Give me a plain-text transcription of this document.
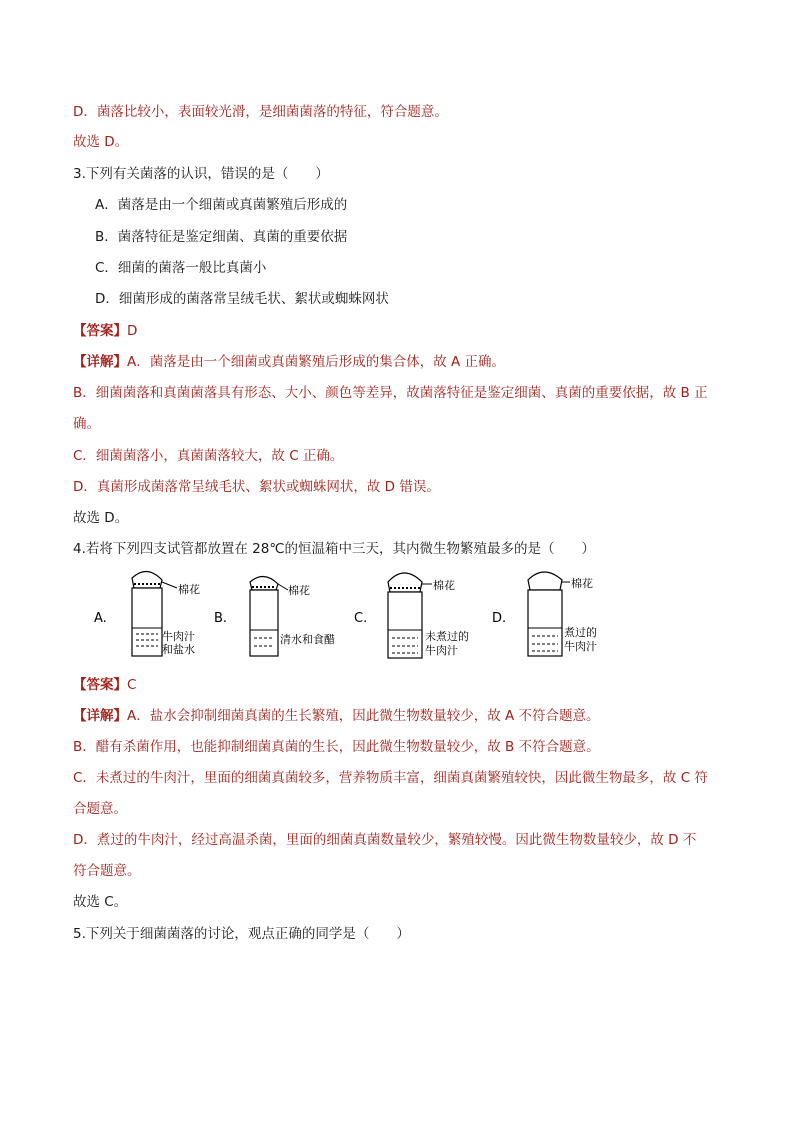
D．菌落比较小，表面较光滑，是细菌菌落的特征，符合题意。
故选 D。
3.下列有关菌落的认识，错误的是（　　）
A．菌落是由一个细菌或真菌繁殖后形成的
B．菌落特征是鉴定细菌、真菌的重要依据
C．细菌的菌落一般比真菌小
D．细菌形成的菌落常呈绒毛状、絮状或蜘蛛网状
【答案】D
【详解】A．菌落是由一个细菌或真菌繁殖后形成的集合体，故 A 正确。
B．细菌菌落和真菌菌落具有形态、大小、颜色等差异，故菌落特征是鉴定细菌、真菌的重要依据，故 B 正
确。
C．细菌菌落小，真菌菌落较大，故 C 正确。
D．真菌形成菌落常呈绒毛状、絮状或蜘蛛网状，故 D 错误。
故选 D。
4.若将下列四支试管都放置在 28℃的恒温箱中三天，其内微生物繁殖最多的是（　　）
A.
棉花
牛肉汁
和盐水
B.
棉花
清水和食醋
C.
棉花
未煮过的
牛肉汁
D.
棉花
煮过的
牛肉汁
【答案】C
【详解】A．盐水会抑制细菌真菌的生长繁殖，因此微生物数量较少，故 A 不符合题意。
B．醋有杀菌作用，也能抑制细菌真菌的生长，因此微生物数量较少，故 B 不符合题意。
C．未煮过的牛肉汁，里面的细菌真菌较多，营养物质丰富，细菌真菌繁殖较快，因此微生物最多，故 C 符
合题意。
D．煮过的牛肉汁，经过高温杀菌，里面的细菌真菌数量较少，繁殖较慢。因此微生物数量较少，故 D 不
符合题意。
故选 C。
5.下列关于细菌菌落的讨论，观点正确的同学是（　　）
